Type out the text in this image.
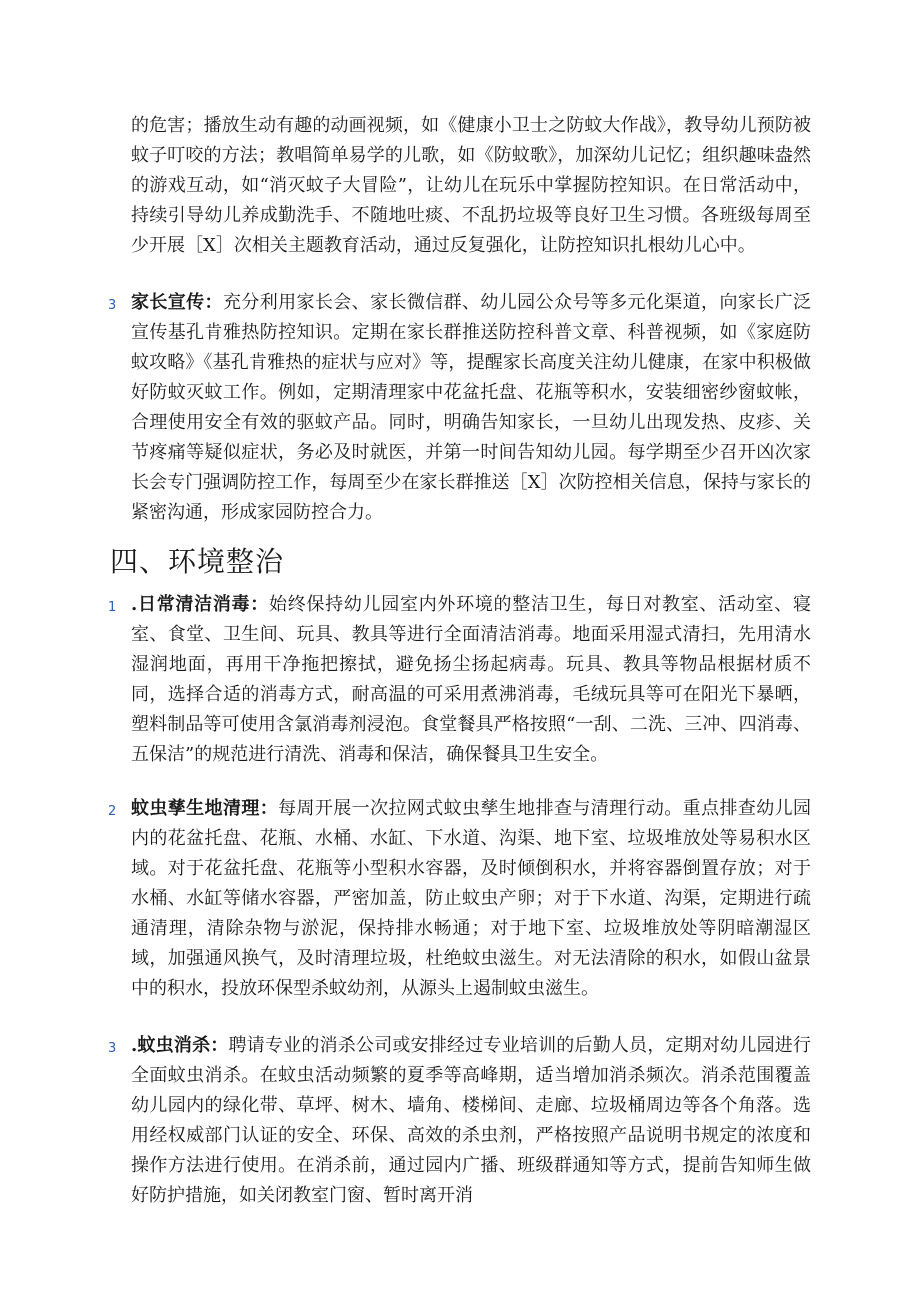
的危害；播放生动有趣的动画视频，如《健康小卫士之防蚊大作战》，教导幼儿预防被蚊子叮咬的方法；教唱简单易学的儿歌，如《防蚊歌》，加深幼儿记忆；组织趣味盎然的游戏互动，如“消灭蚊子大冒险”，让幼儿在玩乐中掌握防控知识。在日常活动中，持续引导幼儿养成勤洗手、不随地吐痰、不乱扔垃圾等良好卫生习惯。各班级每周至少开展［X］次相关主题教育活动，通过反复强化，让防控知识扎根幼儿心中。

3 家长宣传：充分利用家长会、家长微信群、幼儿园公众号等多元化渠道，向家长广泛宣传基孔肯雅热防控知识。定期在家长群推送防控科普文章、科普视频，如《家庭防蚊攻略》《基孔肯雅热的症状与应对》等，提醒家长高度关注幼儿健康，在家中积极做好防蚊灭蚊工作。例如，定期清理家中花盆托盘、花瓶等积水，安装细密纱窗蚊帐，合理使用安全有效的驱蚊产品。同时，明确告知家长，一旦幼儿出现发热、皮疹、关节疼痛等疑似症状，务必及时就医，并第一时间告知幼儿园。每学期至少召开凶次家长会专门强调防控工作，每周至少在家长群推送［X］次防控相关信息，保持与家长的紧密沟通，形成家园防控合力。

四、环境整治
1 .日常清洁消毒：始终保持幼儿园室内外环境的整洁卫生，每日对教室、活动室、寝室、食堂、卫生间、玩具、教具等进行全面清洁消毒。地面采用湿式清扫，先用清水湿润地面，再用干净拖把擦拭，避免扬尘扬起病毒。玩具、教具等物品根据材质不同，选择合适的消毒方式，耐高温的可采用煮沸消毒，毛绒玩具等可在阳光下暴晒，塑料制品等可使用含氯消毒剂浸泡。食堂餐具严格按照“一刮、二洗、三冲、四消毒、五保洁”的规范进行清洗、消毒和保洁，确保餐具卫生安全。

2 蚊虫孳生地清理：每周开展一次拉网式蚊虫孳生地排查与清理行动。重点排查幼儿园内的花盆托盘、花瓶、水桶、水缸、下水道、沟渠、地下室、垃圾堆放处等易积水区域。对于花盆托盘、花瓶等小型积水容器，及时倾倒积水，并将容器倒置存放；对于水桶、水缸等储水容器，严密加盖，防止蚊虫产卵；对于下水道、沟渠，定期进行疏通清理，清除杂物与淤泥，保持排水畅通；对于地下室、垃圾堆放处等阴暗潮湿区域，加强通风换气，及时清理垃圾，杜绝蚊虫滋生。对无法清除的积水，如假山盆景中的积水，投放环保型杀蚊幼剂，从源头上遏制蚊虫滋生。

3 .蚊虫消杀：聘请专业的消杀公司或安排经过专业培训的后勤人员，定期对幼儿园进行全面蚊虫消杀。在蚊虫活动频繁的夏季等高峰期，适当增加消杀频次。消杀范围覆盖幼儿园内的绿化带、草坪、树木、墙角、楼梯间、走廊、垃圾桶周边等各个角落。选用经权威部门认证的安全、环保、高效的杀虫剂，严格按照产品说明书规定的浓度和操作方法进行使用。在消杀前，通过园内广播、班级群通知等方式，提前告知师生做好防护措施，如关闭教室门窗、暂时离开消
